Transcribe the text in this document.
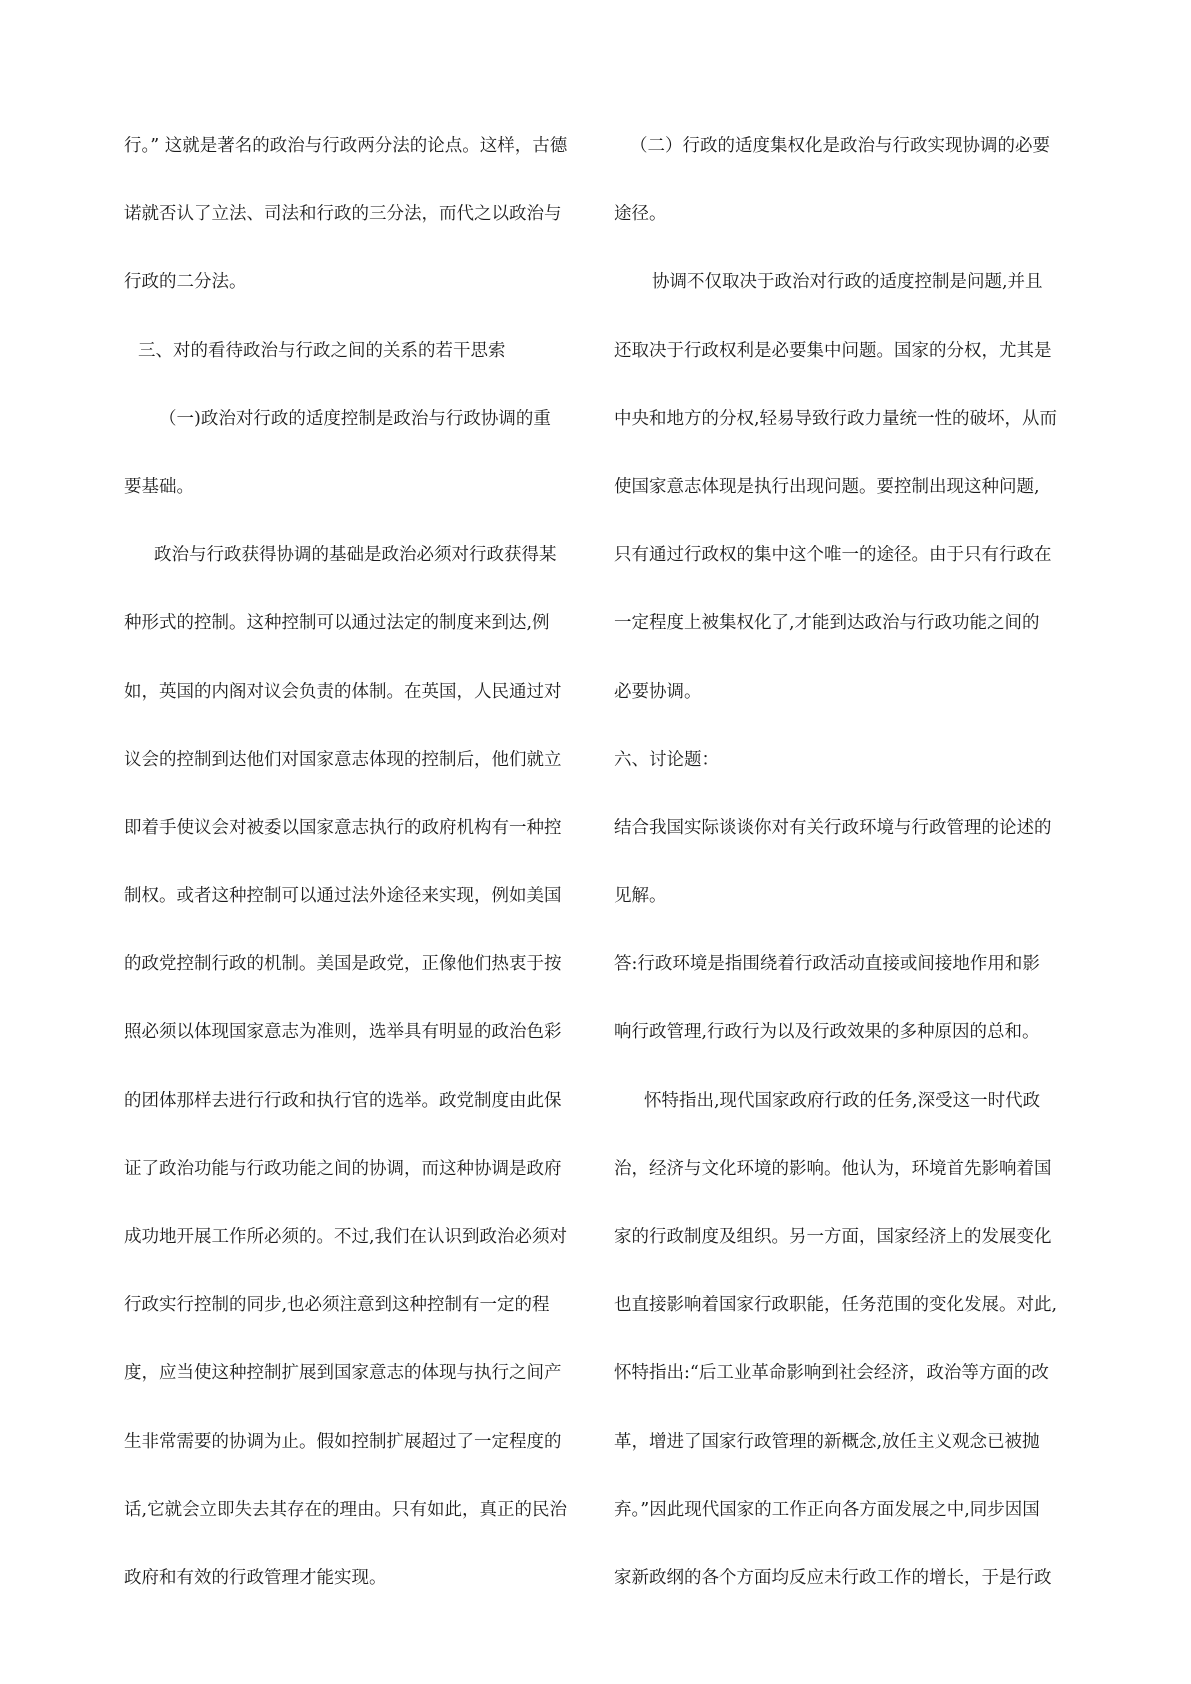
行。” 这就是著名的政治与行政两分法的论点。这样，古德
诺就否认了立法、司法和行政的三分法，而代之以政治与
行政的二分法。
三、对的看待政治与行政之间的关系的若干思索
（一)政治对行政的适度控制是政治与行政协调的重
要基础。
政治与行政获得协调的基础是政治必须对行政获得某
种形式的控制。这种控制可以通过法定的制度来到达,例
如，英国的内阁对议会负责的体制。在英国，人民通过对
议会的控制到达他们对国家意志体现的控制后，他们就立
即着手使议会对被委以国家意志执行的政府机构有一种控
制权。或者这种控制可以通过法外途径来实现，例如美国
的政党控制行政的机制。美国是政党，正像他们热衷于按
照必须以体现国家意志为准则，选举具有明显的政治色彩
的团体那样去进行行政和执行官的选举。政党制度由此保
证了政治功能与行政功能之间的协调，而这种协调是政府
成功地开展工作所必须的。不过,我们在认识到政治必须对
行政实行控制的同步,也必须注意到这种控制有一定的程
度，应当使这种控制扩展到国家意志的体现与执行之间产
生非常需要的协调为止。假如控制扩展超过了一定程度的
话,它就会立即失去其存在的理由。只有如此，真正的民治
政府和有效的行政管理才能实现。
（二）行政的适度集权化是政治与行政实现协调的必要
途径。
协调不仅取决于政治对行政的适度控制是问题,并且
还取决于行政权利是必要集中问题。国家的分权，尤其是
中央和地方的分权,轻易导致行政力量统一性的破坏，从而
使国家意志体现是执行出现问题。要控制出现这种问题,
只有通过行政权的集中这个唯一的途径。由于只有行政在
一定程度上被集权化了,才能到达政治与行政功能之间的
必要协调。
六、讨论题：
结合我国实际谈谈你对有关行政环境与行政管理的论述的
见解。
答:行政环境是指围绕着行政活动直接或间接地作用和影
响行政管理,行政行为以及行政效果的多种原因的总和。
怀特指出,现代国家政府行政的任务,深受这一时代政
治，经济与文化环境的影响。他认为，环境首先影响着国
家的行政制度及组织。另一方面，国家经济上的发展变化
也直接影响着国家行政职能，任务范围的变化发展。对此,
怀特指出:“后工业革命影响到社会经济，政治等方面的改
革，增进了国家行政管理的新概念,放任主义观念已被抛
弃。”因此现代国家的工作正向各方面发展之中,同步因国
家新政纲的各个方面均反应未行政工作的增长，于是行政
